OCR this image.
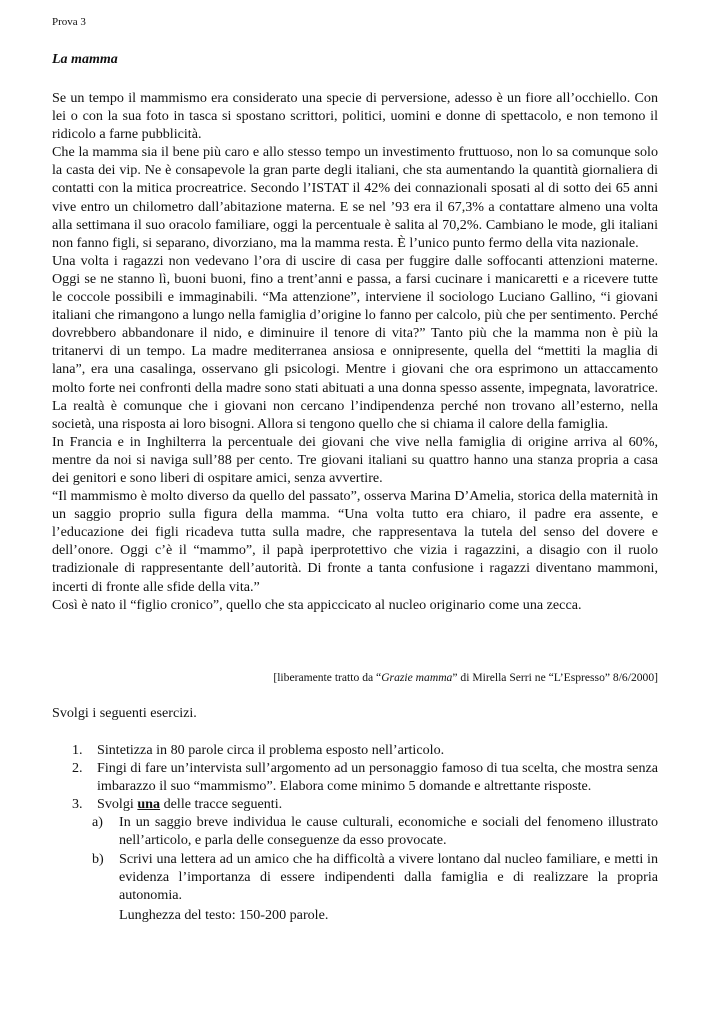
Prova 3
La mamma

Se un tempo il mammismo era considerato una specie di perversione, adesso è un fiore all’occhiello. Con lei o con la sua foto in tasca si spostano scrittori, politici, uomini e donne di spettacolo, e non temono il ridicolo a farne pubblicità.

Che la mamma sia il bene più caro e allo stesso tempo un investimento fruttuoso, non lo sa comunque solo la casta dei vip. Ne è consapevole la gran parte degli italiani, che sta aumentando la quantità giornaliera di contatti con la mitica procreatrice. Secondo l’ISTAT il 42% dei connazionali sposati al di sotto dei 65 anni vive entro un chilometro dall’abitazione materna. E se nel ’93 era il 67,3% a contattare almeno una volta alla settimana il suo oracolo familiare, oggi la percentuale è salita al 70,2%. Cambiano le mode, gli italiani non fanno figli, si separano, divorziano, ma la mamma resta. È l’unico punto fermo della vita nazionale.

Una volta i ragazzi non vedevano l’ora di uscire di casa per fuggire dalle soffocanti attenzioni materne. Oggi se ne stanno lì, buoni buoni, fino a trent’anni e passa, a farsi cucinare i manicaretti e a ricevere tutte le coccole possibili e immaginabili. “Ma attenzione”, interviene il sociologo Luciano Gallino, “i giovani italiani che rimangono a lungo nella famiglia d’origine lo fanno per calcolo, più che per sentimento. Perché dovrebbero abbandonare il nido, e diminuire il tenore di vita?” Tanto più che la mamma non è più la tritanervi di un tempo. La madre mediterranea ansiosa e onnipresente, quella del “mettiti la maglia di lana”, era una casalinga, osservano gli psicologi. Mentre i giovani che ora esprimono un attaccamento molto forte nei confronti della madre sono stati abituati a una donna spesso assente, impegnata, lavoratrice. La realtà è comunque che i giovani non cercano l’indipendenza perché non trovano all’esterno, nella società, una risposta ai loro bisogni. Allora si tengono quello che si chiama il calore della famiglia.

In Francia e in Inghilterra la percentuale dei giovani che vive nella famiglia di origine arriva al 60%, mentre da noi si naviga sull’88 per cento. Tre giovani italiani su quattro hanno una stanza propria a casa dei genitori e sono liberi di ospitare amici, senza avvertire.

“Il mammismo è molto diverso da quello del passato”, osserva Marina D’Amelia, storica della maternità in un saggio proprio sulla figura della mamma. “Una volta tutto era chiaro, il padre era assente, e l’educazione dei figli ricadeva tutta sulla madre, che rappresentava la tutela del senso del dovere e dell’onore. Oggi c’è il “mammo”, il papà iperprotettivo che vizia i ragazzini, a disagio con il ruolo tradizionale di rappresentante dell’autorità. Di fronte a tanta confusione i ragazzi diventano mammoni, incerti di fronte alle sfide della vita.”

Così è nato il “figlio cronico”, quello che sta appiccicato al nucleo originario come una zecca.

[liberamente tratto da “Grazie mamma” di Mirella Serri ne “L’Espresso” 8/6/2000]
Svolgi i seguenti esercizi.
1. Sintetizza in 80 parole circa il problema esposto nell’articolo.
2. Fingi di fare un’intervista sull’argomento ad un personaggio famoso di tua scelta, che mostra senza imbarazzo il suo “mammismo”. Elabora come minimo 5 domande e altrettante risposte.
3. Svolgi una delle tracce seguenti.
a) In un saggio breve individua le cause culturali, economiche e sociali del fenomeno illustrato nell’articolo, e parla delle conseguenze da esso provocate.
b) Scrivi una lettera ad un amico che ha difficoltà a vivere lontano dal nucleo familiare, e metti in evidenza l’importanza di essere indipendenti dalla famiglia e di realizzare la propria autonomia.
Lunghezza del testo: 150-200 parole.
